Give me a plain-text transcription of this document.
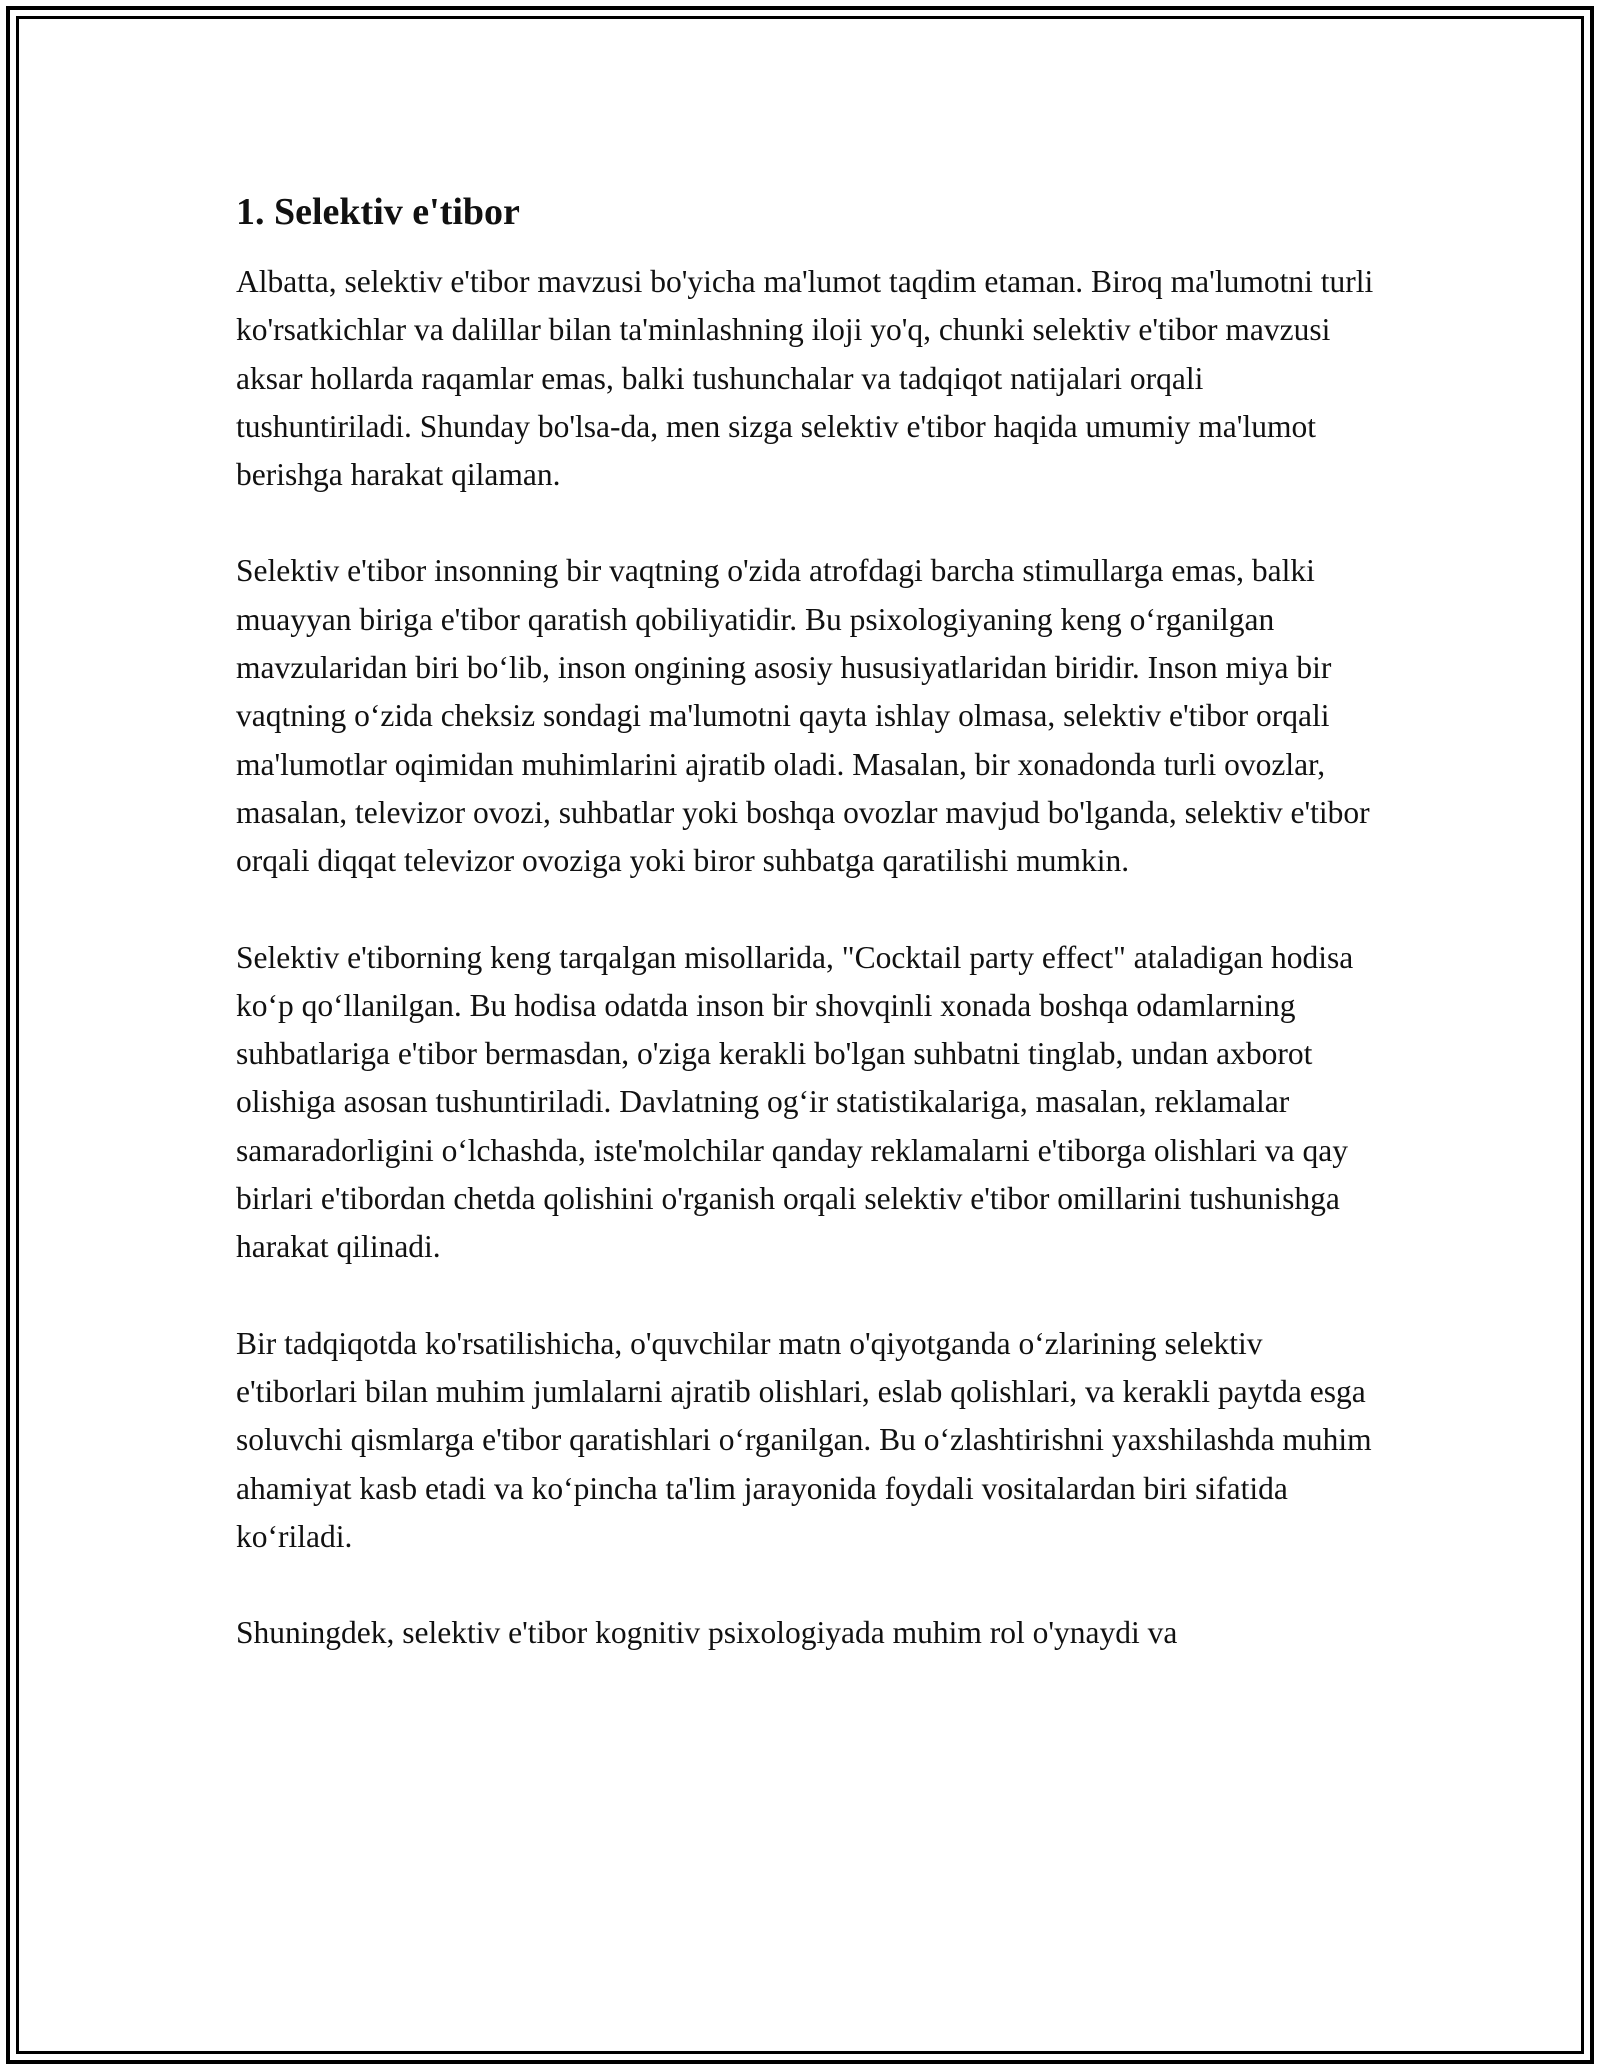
1. Selektiv e'tibor

Albatta, selektiv e'tibor mavzusi bo'yicha ma'lumot taqdim etaman. Biroq ma'lumotni turli ko'rsatkichlar va dalillar bilan ta'minlashning iloji yo'q, chunki selektiv e'tibor mavzusi aksar hollarda raqamlar emas, balki tushunchalar va tadqiqot natijalari orqali tushuntiriladi. Shunday bo'lsa-da, men sizga selektiv e'tibor haqida umumiy ma'lumot berishga harakat qilaman.

Selektiv e'tibor insonning bir vaqtning o'zida atrofdagi barcha stimullarga emas, balki muayyan biriga e'tibor qaratish qobiliyatidir. Bu psixologiyaning keng oʻrganilgan mavzularidan biri boʻlib, inson ongining asosiy hususiyatlaridan biridir. Inson miya bir vaqtning oʻzida cheksiz sondagi ma'lumotni qayta ishlay olmasa, selektiv e'tibor orqali ma'lumotlar oqimidan muhimlarini ajratib oladi. Masalan, bir xonadonda turli ovozlar, masalan, televizor ovozi, suhbatlar yoki boshqa ovozlar mavjud bo'lganda, selektiv e'tibor orqali diqqat televizor ovoziga yoki biror suhbatga qaratilishi mumkin.

Selektiv e'tiborning keng tarqalgan misollarida, "Cocktail party effect" ataladigan hodisa koʻp qoʻllanilgan. Bu hodisa odatda inson bir shovqinli xonada boshqa odamlarning suhbatlariga e'tibor bermasdan, o'ziga kerakli bo'lgan suhbatni tinglab, undan axborot olishiga asosan tushuntiriladi. Davlatning ogʻir statistikalariga, masalan, reklamalar samaradorligini oʻlchashda, iste'molchilar qanday reklamalarni e'tiborga olishlari va qay birlari e'tibordan chetda qolishini o'rganish orqali selektiv e'tibor omillarini tushunishga harakat qilinadi.

Bir tadqiqotda ko'rsatilishicha, o'quvchilar matn o'qiyotganda oʻzlarining selektiv e'tiborlari bilan muhim jumlalarni ajratib olishlari, eslab qolishlari, va kerakli paytda esga soluvchi qismlarga e'tibor qaratishlari oʻrganilgan. Bu oʻzlashtirishni yaxshilashda muhim ahamiyat kasb etadi va koʻpincha ta'lim jarayonida foydali vositalardan biri sifatida koʻriladi.

Shuningdek, selektiv e'tibor kognitiv psixologiyada muhim rol o'ynaydi va
